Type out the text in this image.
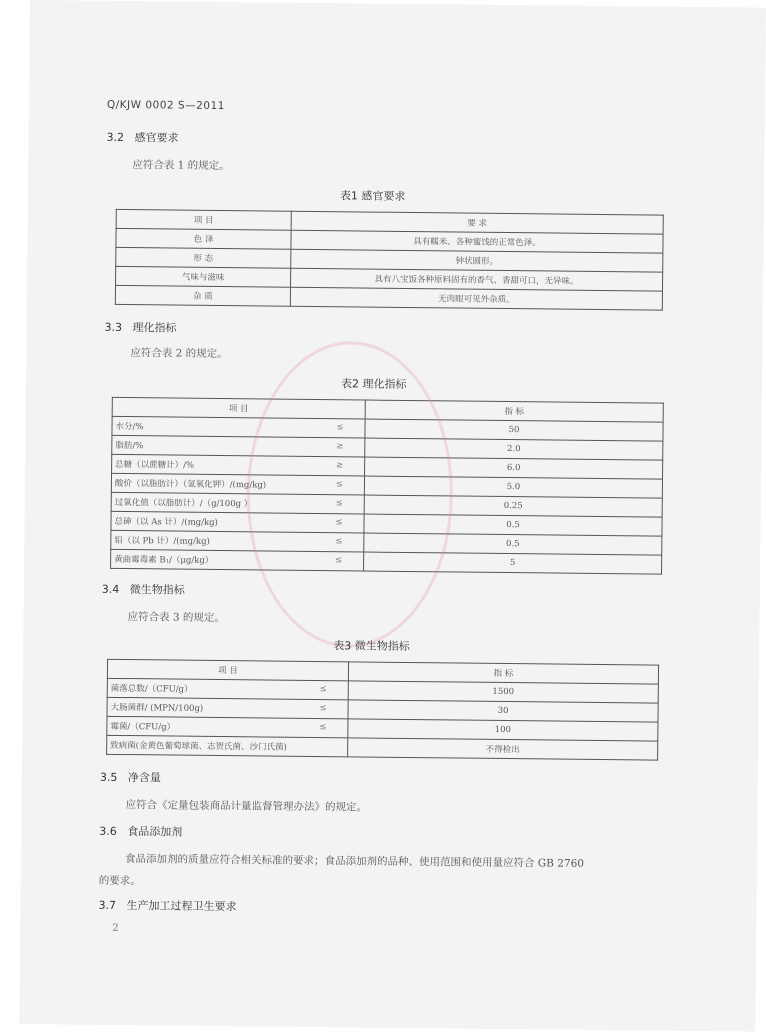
Q/KJW 0002 S—2011
3.2 感官要求
应符合表 1 的规定。
表1 感官要求
项 目	要 求
色 泽	具有糯米、各种蜜饯的正常色泽。
形 态	钟状圆形。
气味与滋味	具有八宝饭各种原料固有的香气、香甜可口，无异味。
杂 质	无肉眼可见外杂质。
3.3 理化指标
应符合表 2 的规定。
表2 理化指标
项 目	指 标

水分/% ≤	50

脂肪/% ≥	2.0

总糖（以蔗糖计）/% ≥	6.0

酸价（以脂肪计）（氢氧化钾）/(mg/kg) ≤	5.0

过氧化值（以脂肪计）/（g/100g ） ≤	0.25

总砷（以 As 计）/(mg/kg) ≤	0.5

铅（以 Pb 计）/(mg/kg) ≤	0.5

黄曲霉毒素 B₁/（μg/kg） ≤	5
3.4 微生物指标
应符合表 3 的规定。
表3 微生物指标
项 目	指 标

菌落总数/（CFU/g） ≤	1500

大肠菌群/ (MPN/100g) ≤	30

霉菌/（CFU/g） ≤	100

致病菌(金黄色葡萄球菌、志贺氏菌、沙门氏菌)	不得检出
3.5 净含量
应符合《定量包装商品计量监督管理办法》的规定。
3.6 食品添加剂
食品添加剂的质量应符合相关标准的要求；食品添加剂的品种、使用范围和使用量应符合 GB 2760
的要求。
3.7 生产加工过程卫生要求
2
